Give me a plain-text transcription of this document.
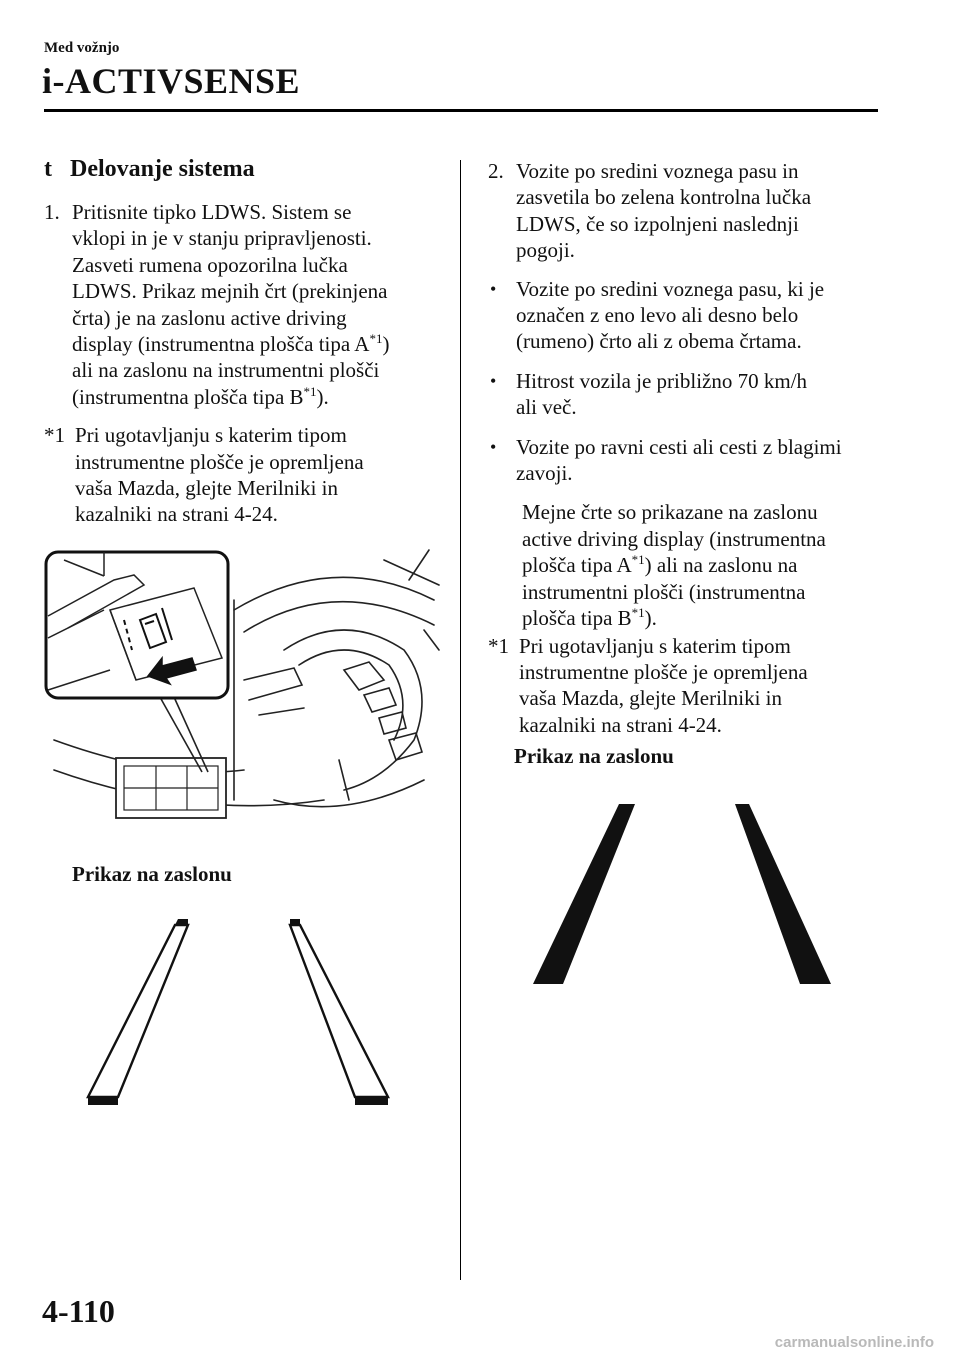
Med vožnjo
i-ACTIVSENSE
t Delovanje sistema
1. Pritisnite tipko LDWS. Sistem se
vklopi in je v stanju pripravljenosti.
Zasveti rumena opozorilna lučka
LDWS. Prikaz mejnih črt (prekinjena
črta) je na zaslonu active driving
display (instrumentna plošča tipa $A^{*1}$)
ali na zaslonu na instrumentni plošči
(instrumentna plošča tipa $B^{*1}$).
*1 Pri ugotavljanju s katerim tipom
instrumentne plošče je opremljena
vaša Mazda, glejte Merilniki in
kazalniki na strani 4-24.
Prikaz na zaslonu
2. Vozite po sredini voznega pasu in
zasvetila bo zelena kontrolna lučka
LDWS, če so izpolnjeni naslednji
pogoji.
• Vozite po sredini voznega pasu, ki je
označen z eno levo ali desno belo
(rumeno) črto ali z obema črtama.
• Hitrost vozila je približno 70 km/h
ali več.
• Vozite po ravni cesti ali cesti z blagimi
zavoji.
Mejne črte so prikazane na zaslonu
active driving display (instrumentna
plošča tipa $A^{*1}$) ali na zaslonu na
instrumentni plošči (instrumentna
plošča tipa $B^{*1}$).
*1 Pri ugotavljanju s katerim tipom
instrumentne plošče je opremljena
vaša Mazda, glejte Merilniki in
kazalniki na strani 4-24.
Prikaz na zaslonu
4-110
carmanualsonline.info
